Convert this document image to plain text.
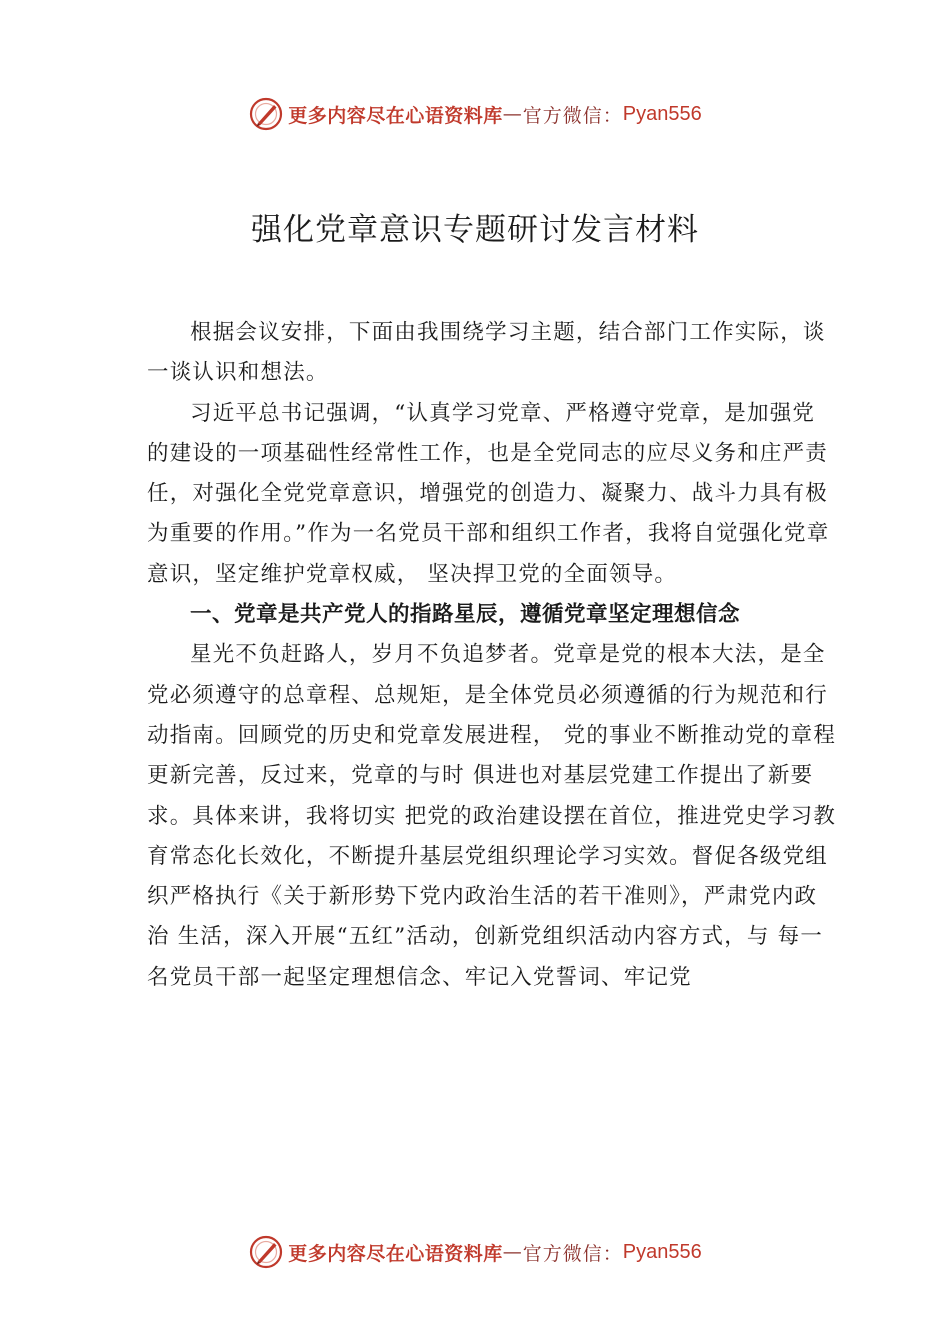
更多内容尽在心语资料库 — 官方微信： Pyan556
强化党章意识专题研讨发言材料

根据会议安排，下面由我围绕学习主题，结合部门工作实际，谈一谈认识和想法。

习近平总书记强调，“认真学习党章、严格遵守党章，是加强党的建设的一项基础性经常性工作，也是全党同志的应尽义务和庄严责任，对强化全党党章意识，增强党的创造力、凝聚力、战斗力具有极为重要的作用。”作为一名党员干部和组织工作者，我将自觉强化党章意识，坚定维护党章权威， 坚决捍卫党的全面领导。

一、党章是共产党人的指路星辰，遵循党章坚定理想信念

星光不负赶路人，岁月不负追梦者。党章是党的根本大法，是全党必须遵守的总章程、总规矩，是全体党员必须遵循的行为规范和行动指南。回顾党的历史和党章发展进程， 党的事业不断推动党的章程更新完善，反过来，党章的与时 俱进也对基层党建工作提出了新要求。具体来讲，我将切实 把党的政治建设摆在首位，推进党史学习教育常态化长效化，不断提升基层党组织理论学习实效。督促各级党组织严格执行《关于新形势下党内政治生活的若干准则》，严肃党内政治 生活，深入开展“五红”活动，创新党组织活动内容方式，与 每一名党员干部一起坚定理想信念、牢记入党誓词、牢记党

更多内容尽在心语资料库 — 官方微信： Pyan556
